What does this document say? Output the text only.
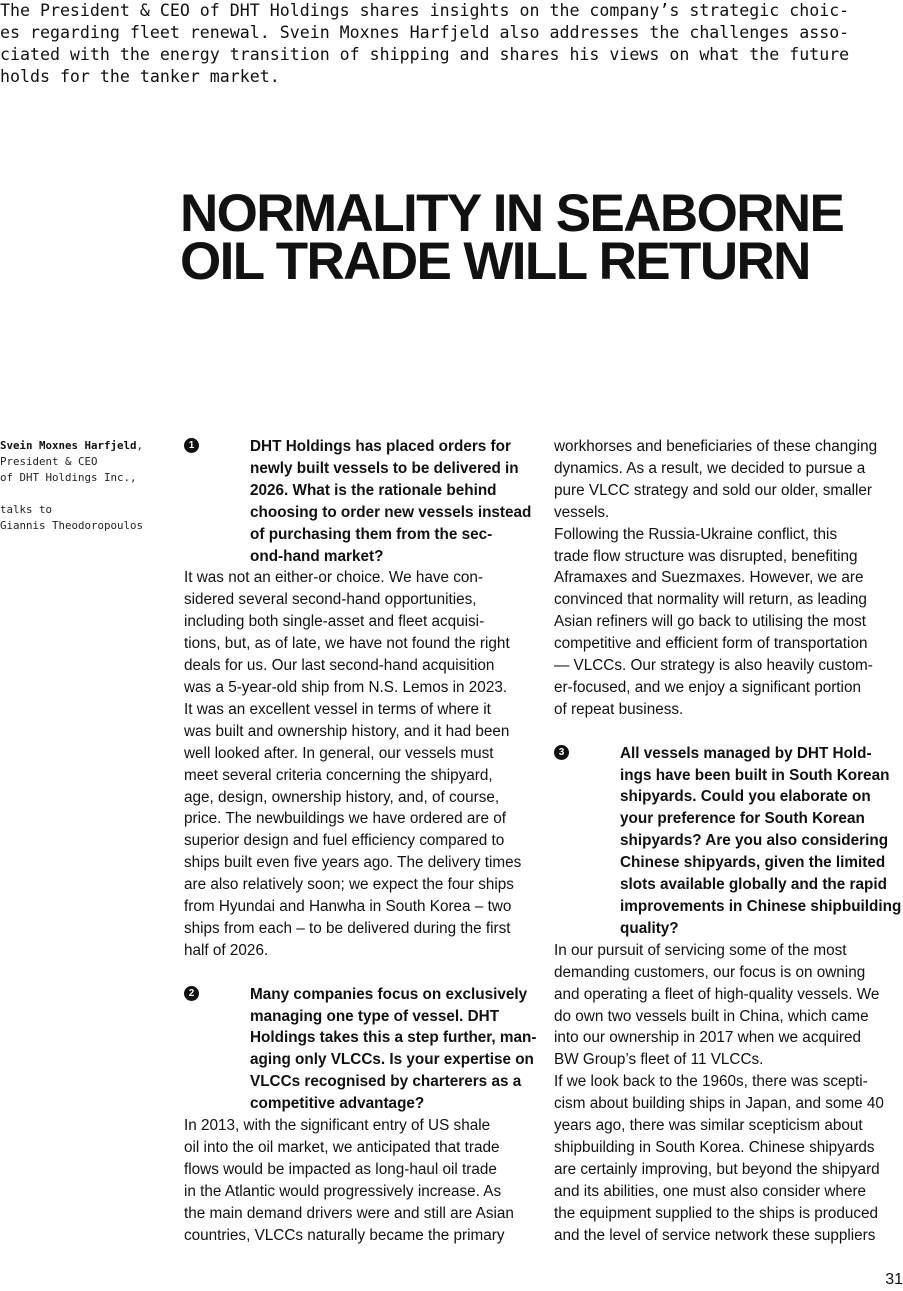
The President & CEO of DHT Holdings shares insights on the company’s strategic choic-
es regarding fleet renewal. Svein Moxnes Harfjeld also addresses the challenges asso-
ciated with the energy transition of shipping and shares his views on what the future
holds for the tanker market.

NORMALITY IN SEABORNE
OIL TRADE WILL RETURN

Svein Moxnes Harfjeld,

President & CEO

of DHT Holdings Inc.,

talks to

Giannis Theodoropoulos

1	DHT Holdings has placed orders for
newly built vessels to be delivered in
2026. What is the rationale behind
choosing to order new vessels instead
of purchasing them from the sec-
ond-hand market?

It was not an either-or choice. We have con-
sidered several second-hand opportunities,
including both single-asset and fleet acquisi-
tions, but, as of late, we have not found the right
deals for us. Our last second-hand acquisition
was a 5-year-old ship from N.S. Lemos in 2023.
It was an excellent vessel in terms of where it
was built and ownership history, and it had been
well looked after. In general, our vessels must
meet several criteria concerning the shipyard,
age, design, ownership history, and, of course,
price. The newbuildings we have ordered are of
superior design and fuel efficiency compared to
ships built even five years ago. The delivery times
are also relatively soon; we expect the four ships
from Hyundai and Hanwha in South Korea – two
ships from each – to be delivered during the first
half of 2026.

2	Many companies focus on exclusively
managing one type of vessel. DHT
Holdings takes this a step further, man-
aging only VLCCs. Is your expertise on
VLCCs recognised by charterers as a
competitive advantage?

In 2013, with the significant entry of US shale
oil into the oil market, we anticipated that trade
flows would be impacted as long-haul oil trade
in the Atlantic would progressively increase. As
the main demand drivers were and still are Asian
countries, VLCCs naturally became the primary

workhorses and beneficiaries of these changing
dynamics. As a result, we decided to pursue a
pure VLCC strategy and sold our older, smaller
vessels.

Following the Russia-Ukraine conflict, this
trade flow structure was disrupted, benefiting
Aframaxes and Suezmaxes. However, we are
convinced that normality will return, as leading
Asian refiners will go back to utilising the most
competitive and efficient form of transportation
— VLCCs. Our strategy is also heavily custom-
er-focused, and we enjoy a significant portion
of repeat business.

3	All vessels managed by DHT Hold-
ings have been built in South Korean
shipyards. Could you elaborate on
your preference for South Korean
shipyards? Are you also considering
Chinese shipyards, given the limited
slots available globally and the rapid
improvements in Chinese shipbuilding
quality?

In our pursuit of servicing some of the most
demanding customers, our focus is on owning
and operating a fleet of high-quality vessels. We
do own two vessels built in China, which came
into our ownership in 2017 when we acquired
BW Group’s fleet of 11 VLCCs.

If we look back to the 1960s, there was scepti-
cism about building ships in Japan, and some 40
years ago, there was similar scepticism about
shipbuilding in South Korea. Chinese shipyards
are certainly improving, but beyond the shipyard
and its abilities, one must also consider where
the equipment supplied to the ships is produced
and the level of service network these suppliers

31
